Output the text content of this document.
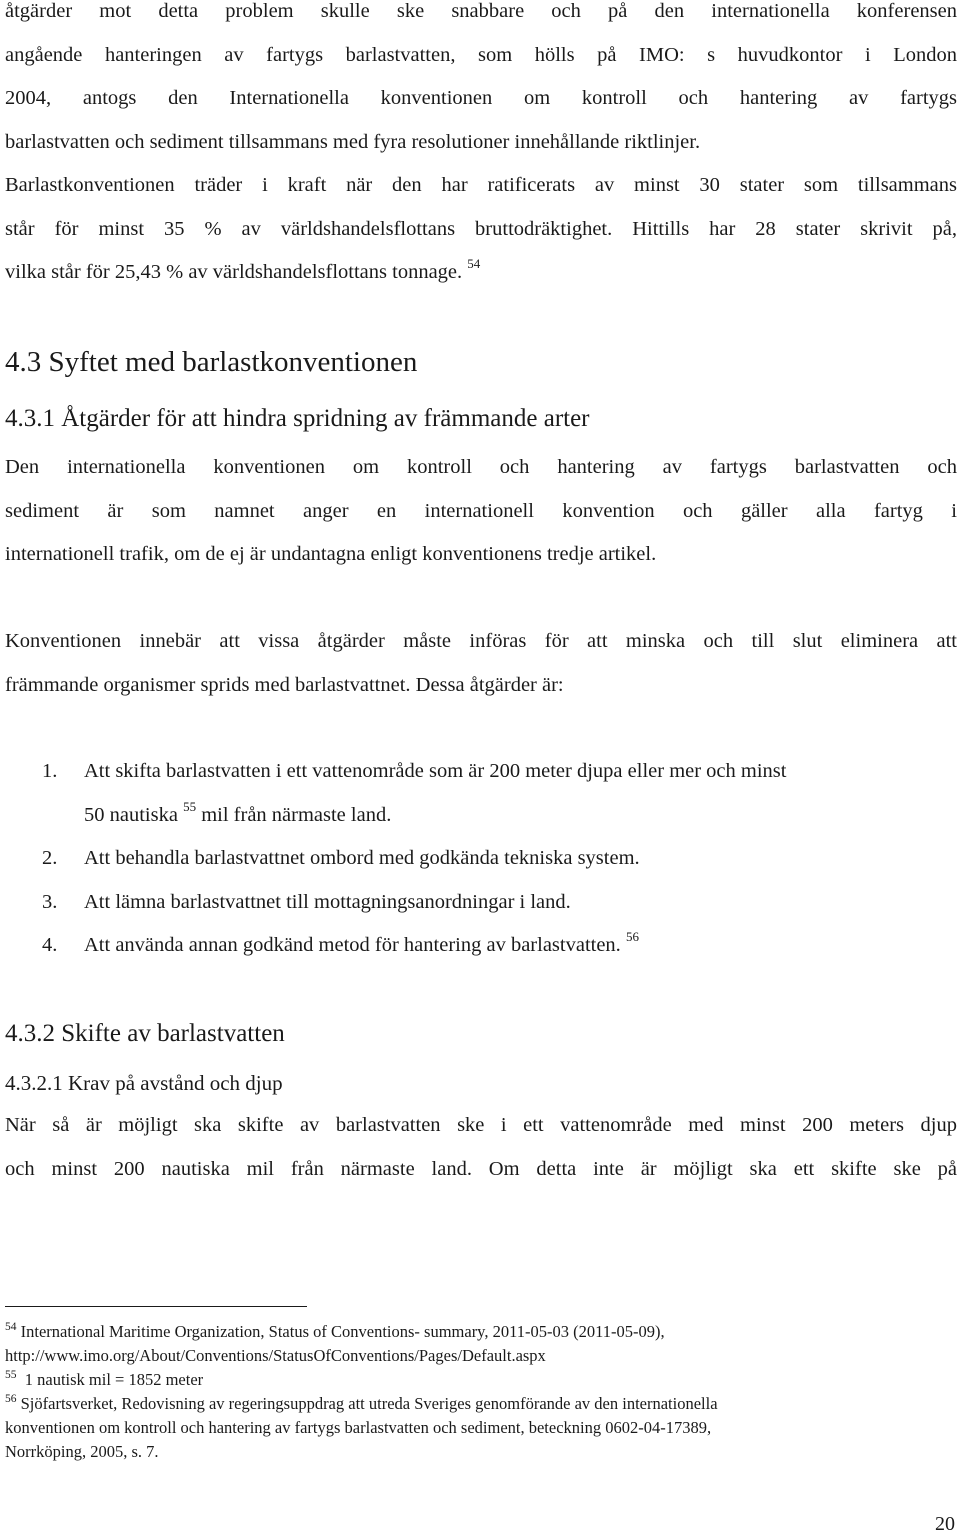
åtgärder mot detta problem skulle ske snabbare och på den internationella konferensen
angående hanteringen av fartygs barlastvatten, som hölls på IMO: s huvudkontor i London
2004, antogs den Internationella konventionen om kontroll och hantering av fartygs
barlastvatten och sediment tillsammans med fyra resolutioner innehållande riktlinjer.
Barlastkonventionen träder i kraft när den har ratificerats av minst 30 stater som tillsammans
står för minst 35 % av världshandelsflottans bruttodräktighet. Hittills har 28 stater skrivit på,
vilka står för 25,43 % av världshandelsflottans tonnage. $^{54}$
4.3 Syftet med barlastkonventionen
4.3.1 Åtgärder för att hindra spridning av främmande arter
Den internationella konventionen om kontroll och hantering av fartygs barlastvatten och
sediment är som namnet anger en internationell konvention och gäller alla fartyg i
internationell trafik, om de ej är undantagna enligt konventionens tredje artikel.
Konventionen innebär att vissa åtgärder måste införas för att minska och till slut eliminera att
främmande organismer sprids med barlastvattnet. Dessa åtgärder är:
1.	Att skifta barlastvatten i ett vattenområde som är 200 meter djupa eller mer och minst
50 nautiska $^{55}$ mil från närmaste land.
2.	Att behandla barlastvattnet ombord med godkända tekniska system.
3.	Att lämna barlastvattnet till mottagningsanordningar i land.
4.	Att använda annan godkänd metod för hantering av barlastvatten. $^{56}$
4.3.2 Skifte av barlastvatten
4.3.2.1 Krav på avstånd och djup
När så är möjligt ska skifte av barlastvatten ske i ett vattenområde med minst 200 meters djup
och minst 200 nautiska mil från närmaste land. Om detta inte är möjligt ska ett skifte ske på
$^{54}$ International Maritime Organization, Status of Conventions- summary, 2011-05-03 (2011-05-09),
http://www.imo.org/About/Conventions/StatusOfConventions/Pages/Default.aspx
$^{55}$ 1 nautisk mil = 1852 meter
$^{56}$ Sjöfartsverket, Redovisning av regeringsuppdrag att utreda Sveriges genomförande av den internationella
konventionen om kontroll och hantering av fartygs barlastvatten och sediment, beteckning 0602-04-17389,
Norrköping, 2005, s. 7.
20
